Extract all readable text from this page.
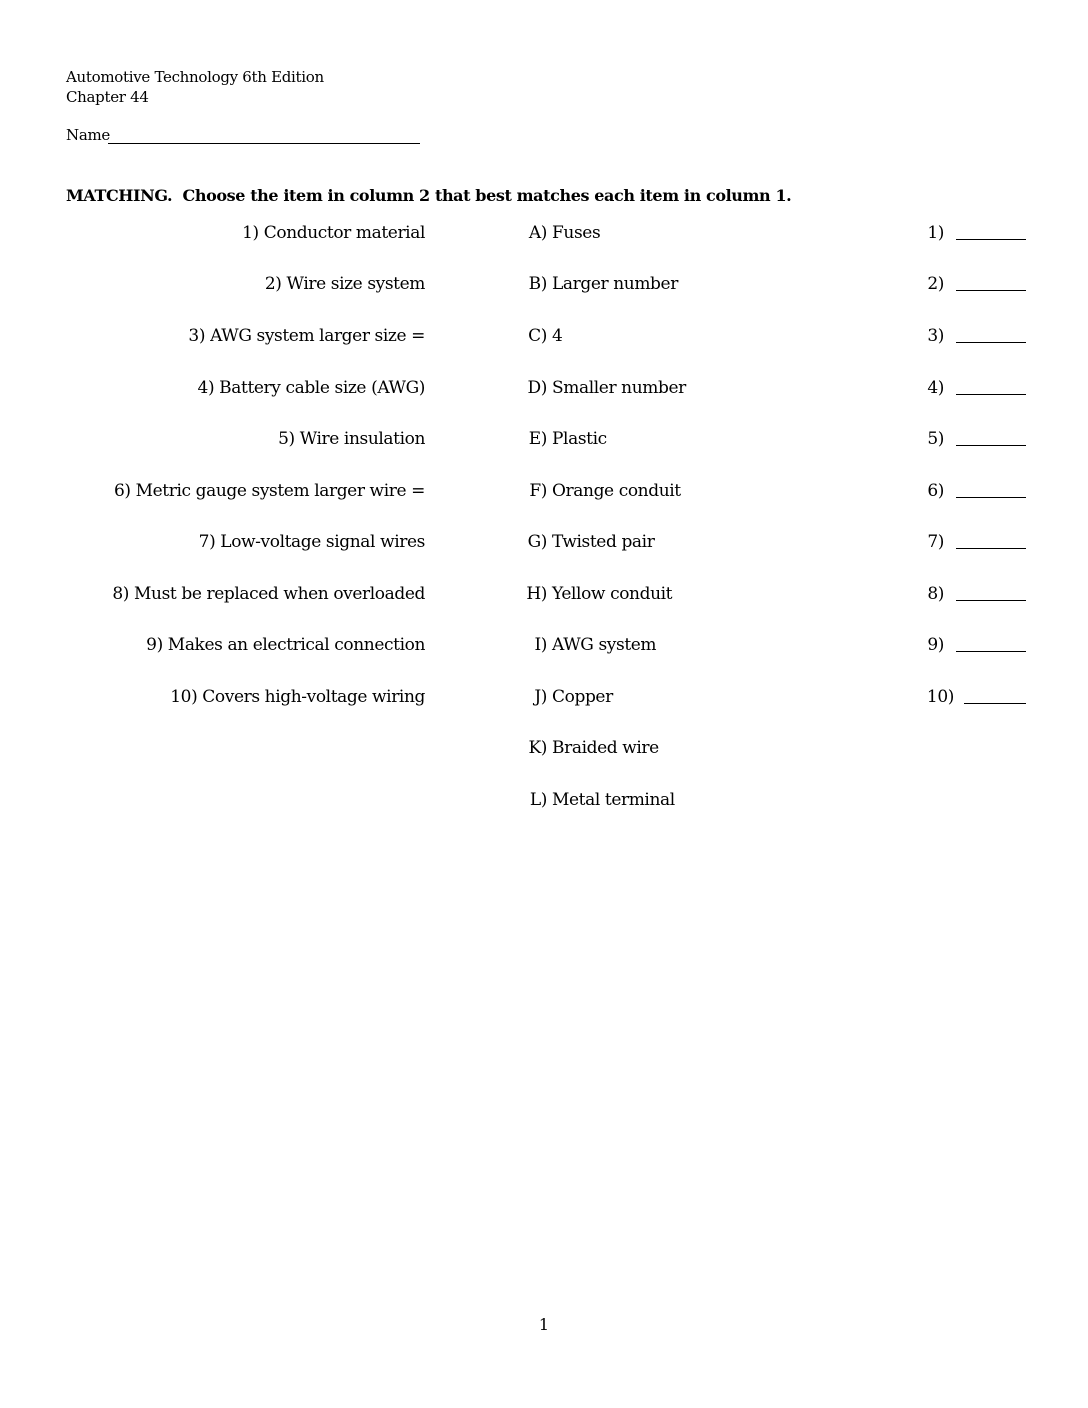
Automotive Technology 6th Edition
Chapter 44
Name
MATCHING.  Choose the item in column 2 that best matches each item in column 1.
1) Conductor material
2) Wire size system
3) AWG system larger size =
4) Battery cable size (AWG)
5) Wire insulation
6) Metric gauge system larger wire =
7) Low-voltage signal wires
8) Must be replaced when overloaded
9) Makes an electrical connection
10) Covers high-voltage wiring
A) Fuses
B) Larger number
C) 4
D) Smaller number
E) Plastic
F) Orange conduit
G) Twisted pair
H) Yellow conduit
I) AWG system
J) Copper
K) Braided wire
L) Metal terminal
1)
2)
3)
4)
5)
6)
7)
8)
9)
10)
1
